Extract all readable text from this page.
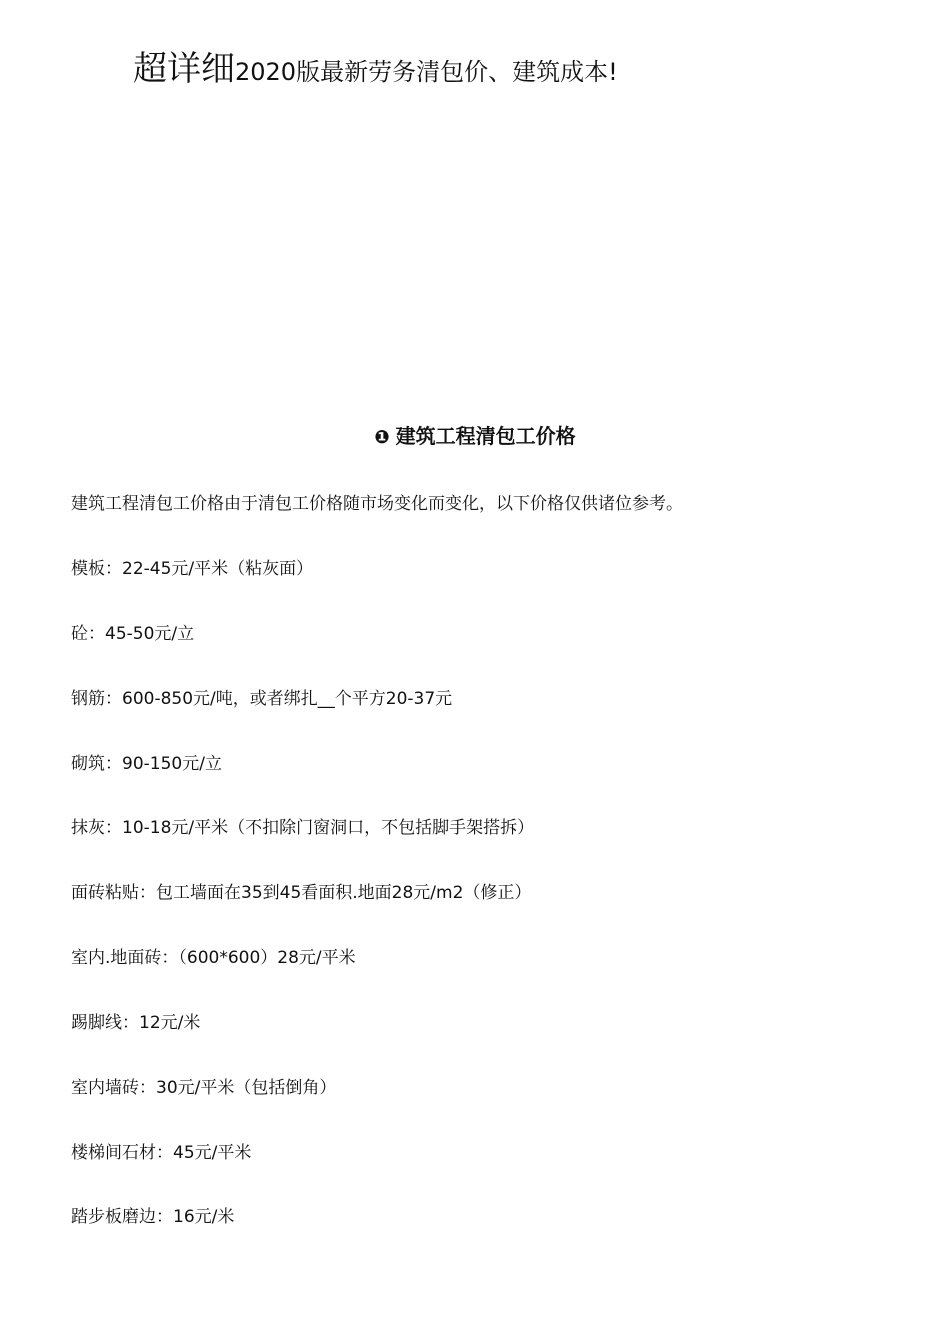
超详细2020版最新劳务清包价、建筑成本!
❶ 建筑工程清包工价格
建筑工程清包工价格由于清包工价格随市场变化而变化，以下价格仅供诸位参考。
模板：22-45元/平米（粘灰面）
砼：45-50元/立
钢筋：600-850元/吨，或者绑扎__个平方20-37元
砌筑：90-150元/立
抹灰：10-18元/平米（不扣除门窗洞口，不包括脚手架搭拆）
面砖粘贴：包工墙面在35到45看面积.地面28元/m2（修正）
室内.地面砖：（600*600）28元/平米
踢脚线：12元/米
室内墙砖：30元/平米（包括倒角）
楼梯间石材：45元/平米
踏步板磨边：16元/米
